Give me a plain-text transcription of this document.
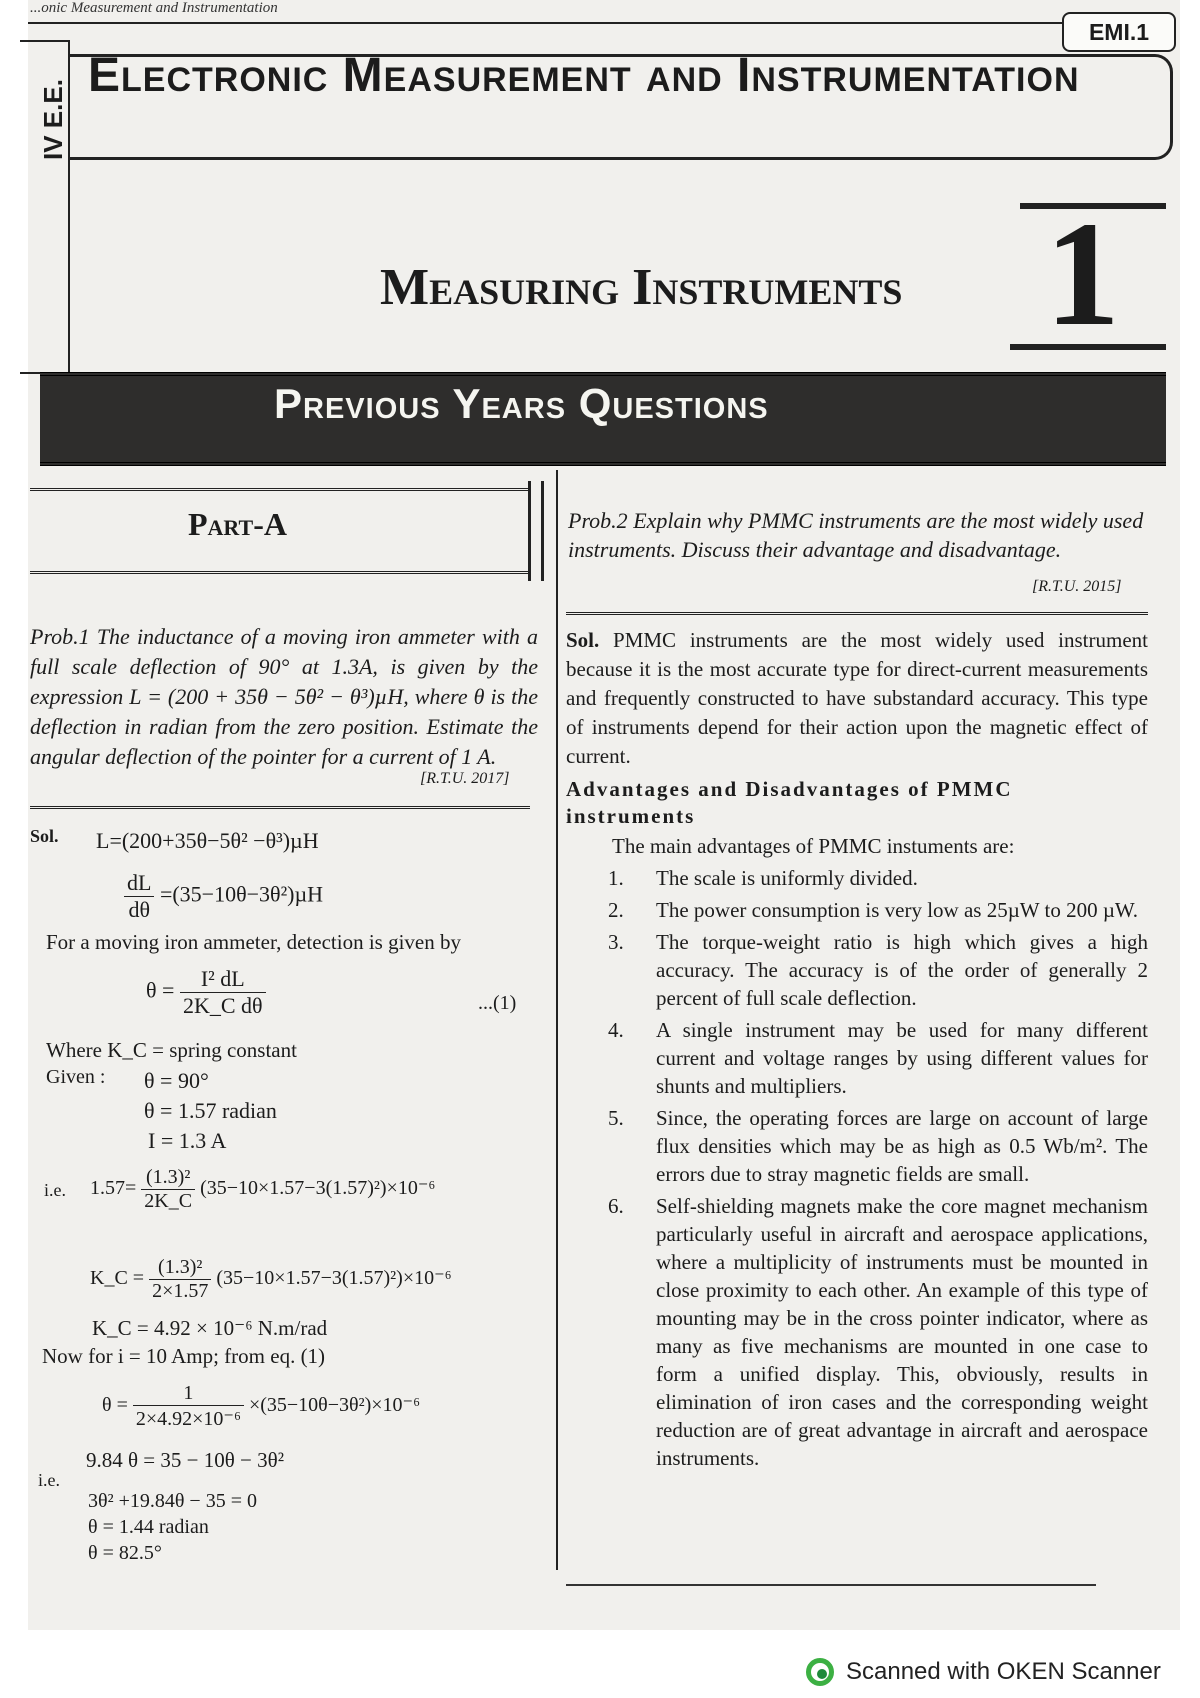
...onic Measurement and Instrumentation
EMI.1
Electronic Measurement and Instrumentation
IV E.E.
Measuring Instruments 1
Previous Years Questions
Part-A
Prob.1 The inductance of a moving iron ammeter with a full scale deflection of 90° at 1.3A, is given by the expression L = (200 + 35θ − 5θ² − θ³)µH, where θ is the deflection in radian from the zero position. Estimate the angular deflection of the pointer for a current of 1 A.
[R.T.U. 2017]
Sol. L=(200+35θ−5θ² −θ³)µH
$\frac{dL}{d\theta} =(35-10\theta-3\theta^2)\mu H$
For a moving iron ammeter, detection is given by
$\theta = \frac{\text{I² dL}}{\text{2K\_C dθ}}$	...(1)
Where K_C = spring constant
Given : θ = 90°
θ = 1.57 radian
I = 1.3 A
i.e. $1.57= \frac{\text{(1.3)²}}{2K\_C} (35-10\times 1.57-3(1.57)^2)\times 10^{-6}$
K_C = $\frac{\text{(1.3)²}}{2\times 1.57} (35-10\times 1.57-3(1.57)^2)\times 10^{-6}$
K_C = 4.92 × 10⁻⁶ N.m/rad
Now for i = 10 Amp; from eq. (1)
$\theta = \frac{1}{\text{2×4.92×10⁻⁶}} \times(35-10\theta-3\theta^2)\times 10^{-6}$
9.84 θ = 35 − 10θ − 3θ²
i.e.
3θ² +19.84θ − 35 = 0
θ = 1.44 radian
θ = 82.5°
Prob.2 Explain why PMMC instruments are the most widely used instruments. Discuss their advantage and disadvantage.
[R.T.U. 2015]
Sol. PMMC instruments are the most widely used instrument because it is the most accurate type for direct-current measurements and frequently constructed to have substandard accuracy. This type of instruments depend for their action upon the magnetic effect of current.
Advantages and Disadvantages of PMMC instruments
The main advantages of PMMC instuments are:
1. The scale is uniformly divided.
2. The power consumption is very low as 25µW to 200 µW.
3. The torque-weight ratio is high which gives a high accuracy. The accuracy is of the order of generally 2 percent of full scale deflection.
4. A single instrument may be used for many different current and voltage ranges by using different values for shunts and multipliers.
5. Since, the operating forces are large on account of large flux densities which may be as high as 0.5 Wb/m². The errors due to stray magnetic fields are small.
6. Self-shielding magnets make the core magnet mechanism particularly useful in aircraft and aerospace applications, where a multiplicity of instruments must be mounted in close proximity to each other. An example of this type of mounting may be in the cross pointer indicator, where as many as five mechanisms are mounted in one case to form a unified display. This, obviously, results in elimination of iron cases and the corresponding weight reduction are of great advantage in aircraft and aerospace instruments.
Scanned with OKEN Scanner
